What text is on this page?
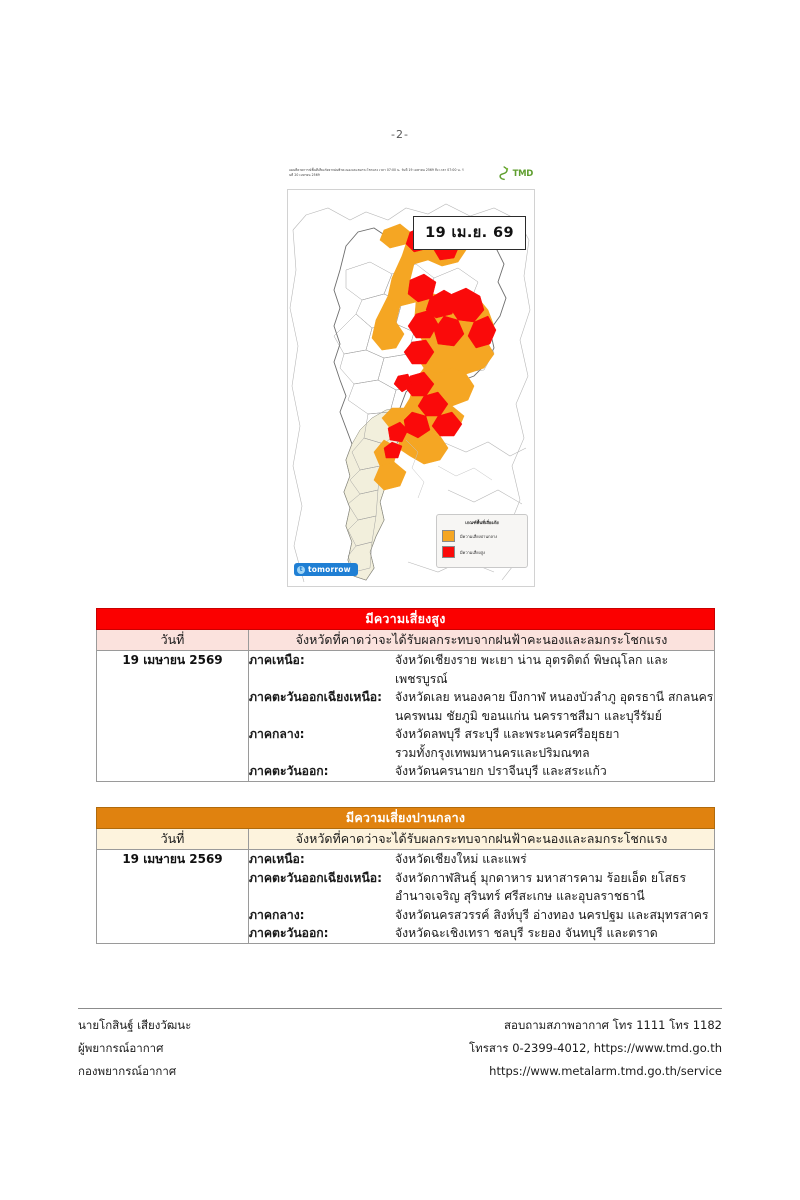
-2-
แผนที่คาดการณ์พื้นที่เสี่ยงภัยจากฝนฟ้าคะนองและลมกระโชกแรง เวลา 07:00 น. วันที่ 19 เมษายน 2569 ถึง เวลา 07:00 น. วันที่ 20 เมษายน 2569	TMD
19 เม.ย. 69
เกณฑ์พื้นที่เสี่ยงภัย
มีความเสี่ยงปานกลาง
มีความเสี่ยงสูง
t tomorrow
มีความเสี่ยงสูง	
วันที่	จังหวัดที่คาดว่าจะได้รับผลกระทบจากฝนฟ้าคะนองและลมกระโชกแรง
19 เมษายน 2569	ภาคเหนือ:	จังหวัดเชียงราย พะเยา น่าน อุตรดิตถ์ พิษณุโลก และเพชรบูรณ์
ภาคตะวันออกเฉียงเหนือ:	จังหวัดเลย หนองคาย บึงกาฬ หนองบัวลำภู อุดรธานี สกลนคร
นครพนม ชัยภูมิ ขอนแก่น นครราชสีมา และบุรีรัมย์
ภาคกลาง:	จังหวัดลพบุรี สระบุรี และพระนครศรีอยุธยา
รวมทั้งกรุงเทพมหานครและปริมณฑล
ภาคตะวันออก:	จังหวัดนครนายก ปราจีนบุรี และสระแก้ว
มีความเสี่ยงปานกลาง	
วันที่	จังหวัดที่คาดว่าจะได้รับผลกระทบจากฝนฟ้าคะนองและลมกระโชกแรง
19 เมษายน 2569	ภาคเหนือ:	จังหวัดเชียงใหม่ และแพร่
ภาคตะวันออกเฉียงเหนือ:	จังหวัดกาฬสินธุ์ มุกดาหาร มหาสารคาม ร้อยเอ็ด ยโสธร
อำนาจเจริญ สุรินทร์ ศรีสะเกษ และอุบลราชธานี
ภาคกลาง:	จังหวัดนครสวรรค์ สิงห์บุรี อ่างทอง นครปฐม และสมุทรสาคร
ภาคตะวันออก:	จังหวัดฉะเชิงเทรา ชลบุรี ระยอง จันทบุรี และตราด
นายโกสินฐ์ เสียงวัฒนะ
ผู้พยากรณ์อากาศ
กองพยากรณ์อากาศ
สอบถามสภาพอากาศ โทร 1111 โทร 1182
โทรสาร 0-2399-4012, https://www.tmd.go.th
https://www.metalarm.tmd.go.th/service
